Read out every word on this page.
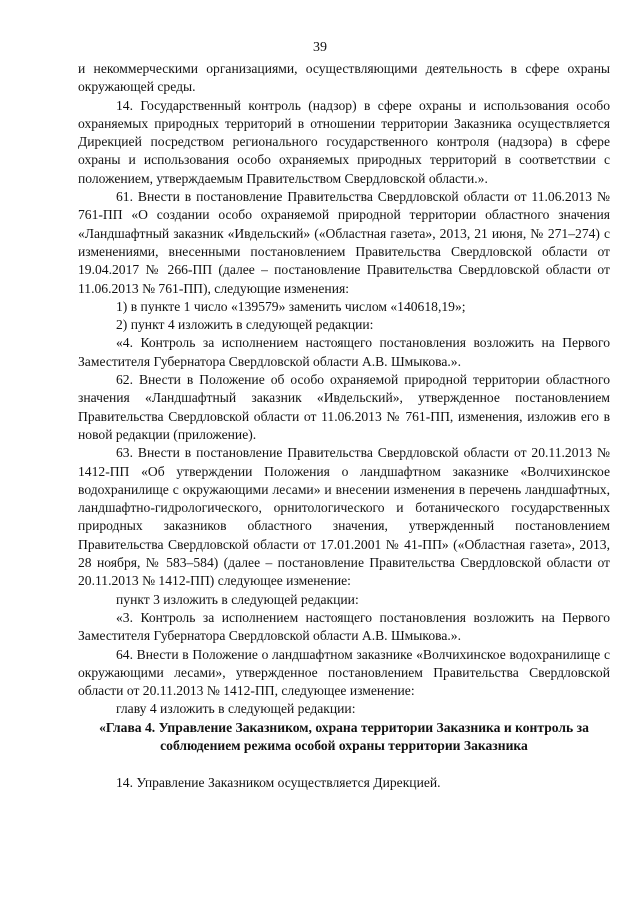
39

и некоммерческими организациями, осуществляющими деятельность в сфере охраны окружающей среды.

14. Государственный контроль (надзор) в сфере охраны и использования особо охраняемых природных территорий в отношении территории Заказника осуществляется Дирекцией посредством регионального государственного контроля (надзора) в сфере охраны и использования особо охраняемых природных территорий в соответствии с положением, утверждаемым Правительством Свердловской области.».

61. Внести в постановление Правительства Свердловской области от 11.06.2013 № 761-ПП «О создании особо охраняемой природной территории областного значения «Ландшафтный заказник «Ивдельский» («Областная газета», 2013, 21 июня, № 271–274) с изменениями, внесенными постановлением Правительства Свердловской области от 19.04.2017 № 266-ПП (далее – постановление Правительства Свердловской области от 11.06.2013 № 761-ПП), следующие изменения:

1) в пункте 1 число «139579» заменить числом «140618,19»;

2) пункт 4 изложить в следующей редакции:

«4. Контроль за исполнением настоящего постановления возложить на Первого Заместителя Губернатора Свердловской области А.В. Шмыкова.».

62. Внести в Положение об особо охраняемой природной территории областного значения «Ландшафтный заказник «Ивдельский», утвержденное постановлением Правительства Свердловской области от 11.06.2013 № 761-ПП, изменения, изложив его в новой редакции (приложение).

63. Внести в постановление Правительства Свердловской области от 20.11.2013 № 1412-ПП «Об утверждении Положения о ландшафтном заказнике «Волчихинское водохранилище с окружающими лесами» и внесении изменения в перечень ландшафтных, ландшафтно-гидрологического, орнитологического и ботанического государственных природных заказников областного значения, утвержденный постановлением Правительства Свердловской области от 17.01.2001 № 41-ПП» («Областная газета», 2013, 28 ноября, № 583–584) (далее – постановление Правительства Свердловской области от 20.11.2013 № 1412-ПП) следующее изменение:

пункт 3 изложить в следующей редакции:

«3. Контроль за исполнением настоящего постановления возложить на Первого Заместителя Губернатора Свердловской области А.В. Шмыкова.».

64. Внести в Положение о ландшафтном заказнике «Волчихинское водохранилище с окружающими лесами», утвержденное постановлением Правительства Свердловской области от 20.11.2013 № 1412-ПП, следующее изменение:

главу 4 изложить в следующей редакции:

«Глава 4. Управление Заказником, охрана территории Заказника и контроль за соблюдением режима особой охраны территории Заказника

14. Управление Заказником осуществляется Дирекцией.
